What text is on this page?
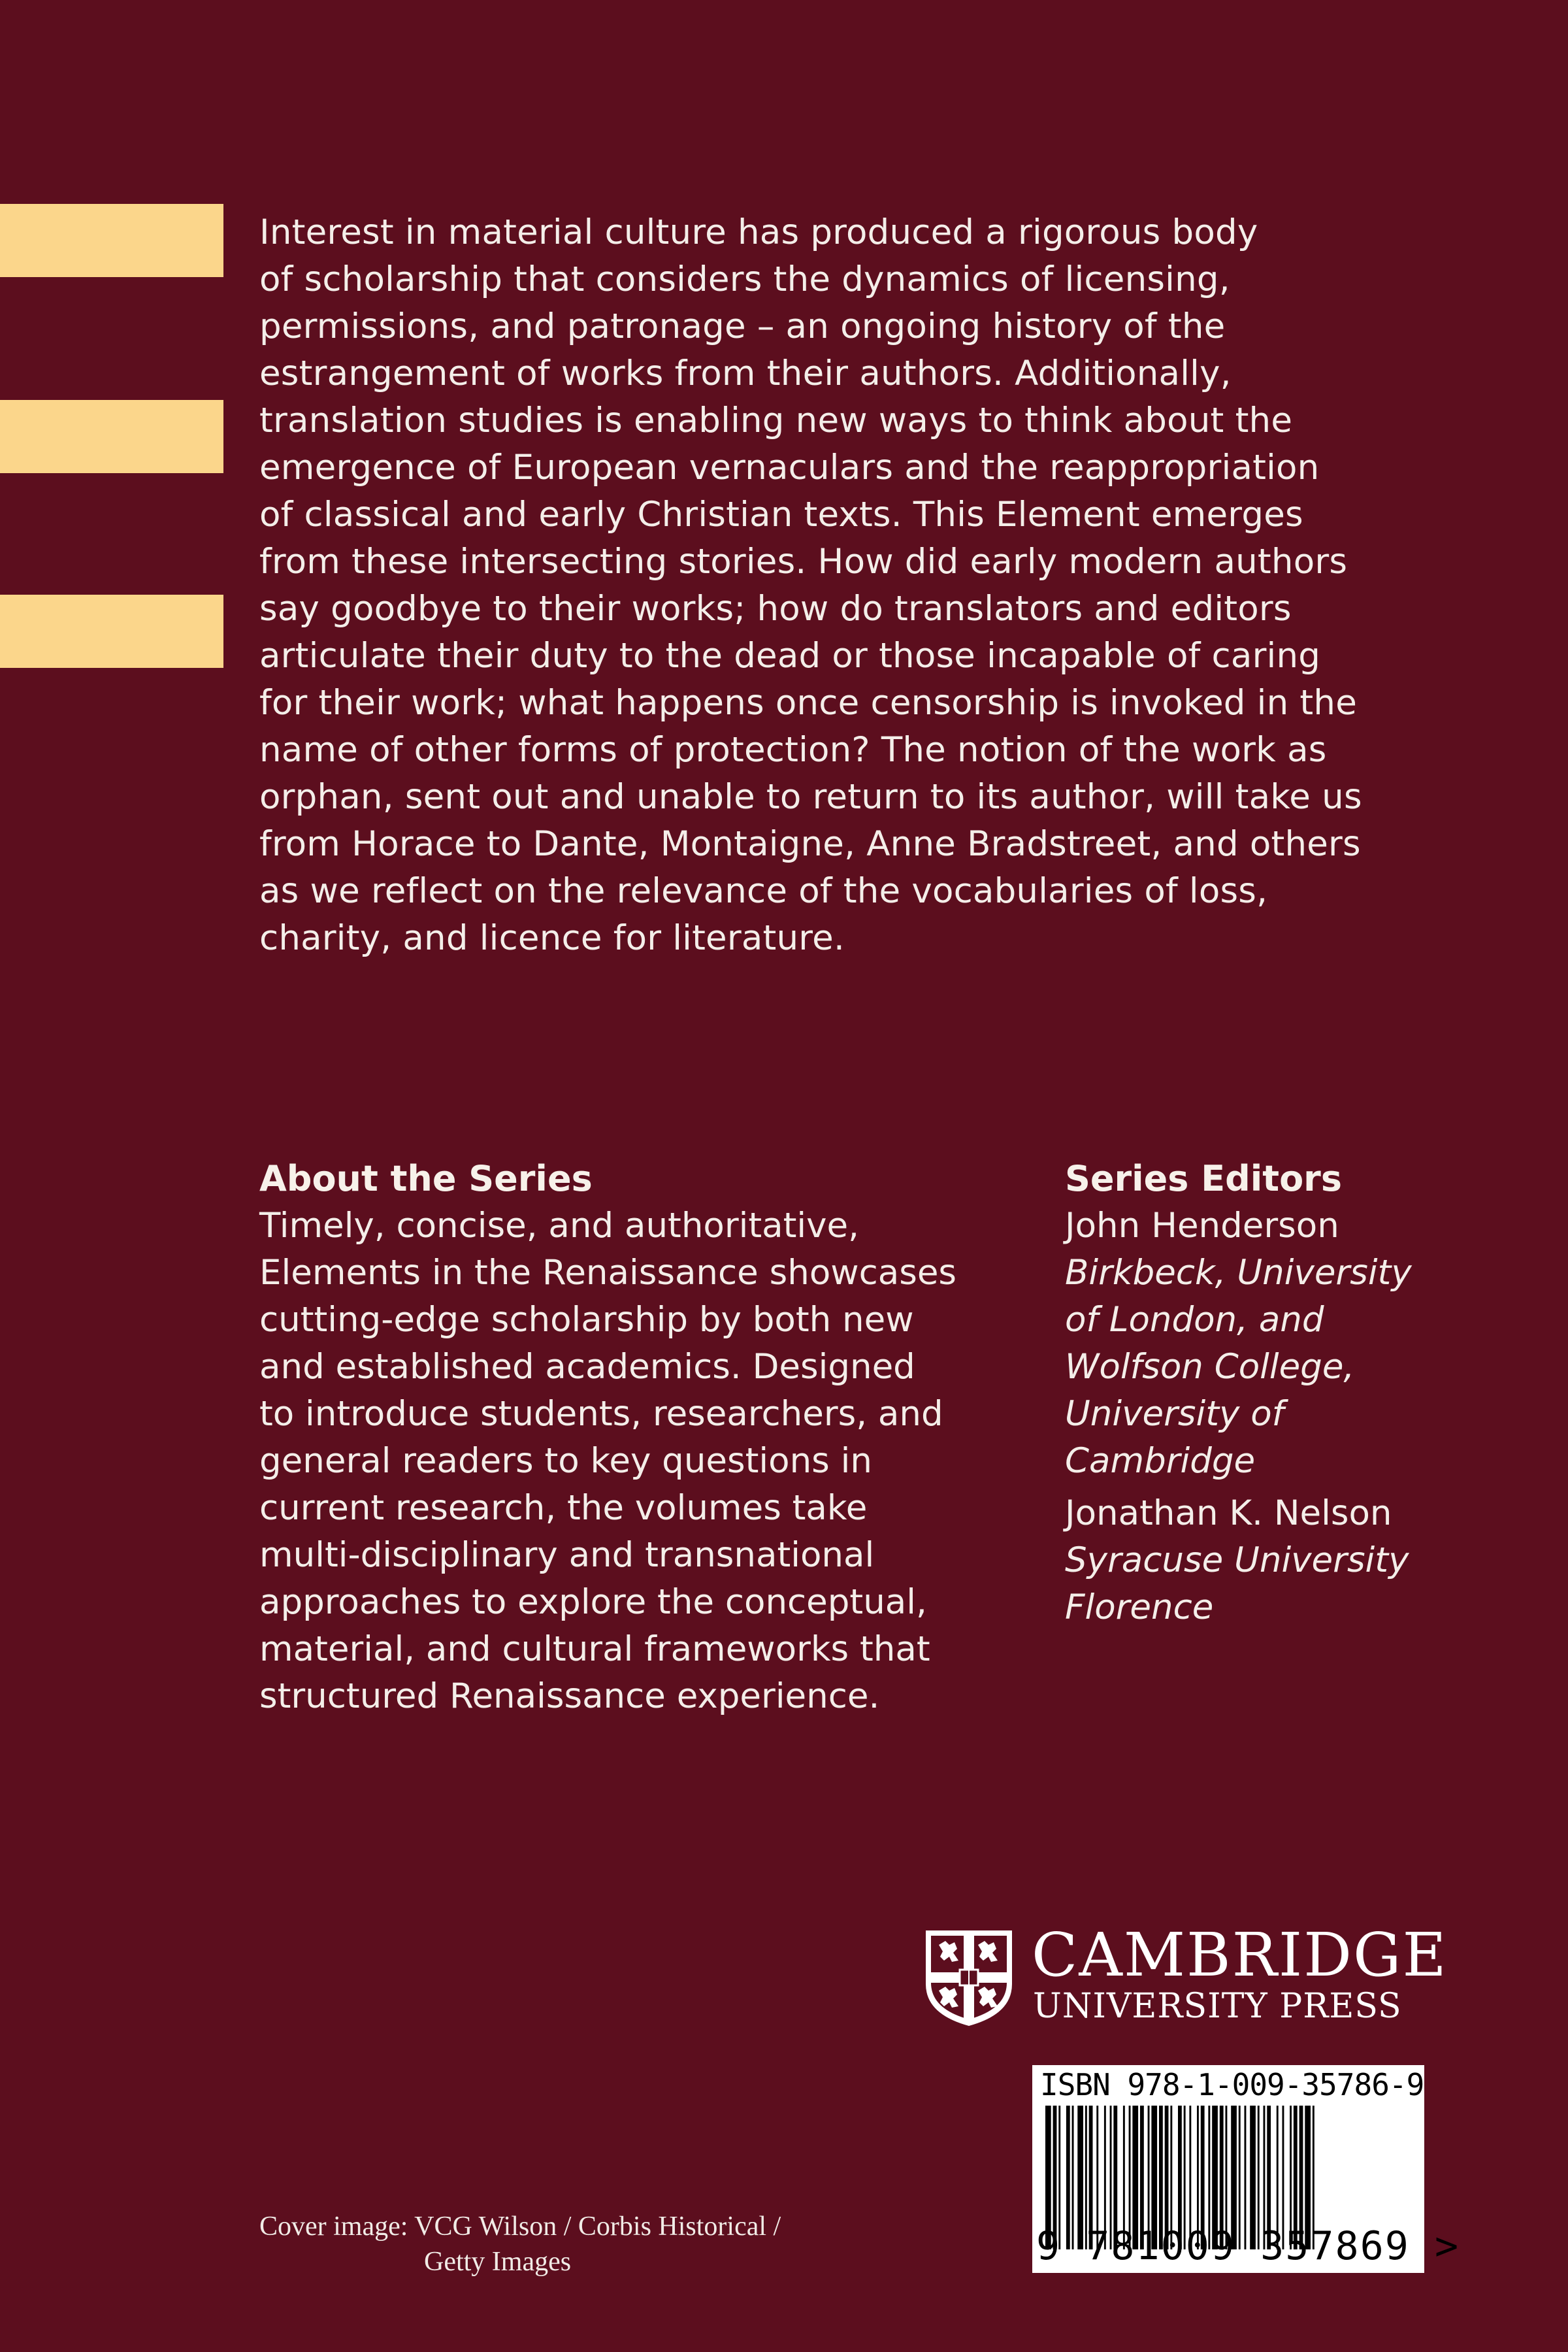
Interest in material culture has produced a rigorous body
of scholarship that considers the dynamics of licensing,
permissions, and patronage – an ongoing history of the
estrangement of works from their authors. Additionally,
translation studies is enabling new ways to think about the
emergence of European vernaculars and the reappropriation
of classical and early Christian texts. This Element emerges
from these intersecting stories. How did early modern authors
say goodbye to their works; how do translators and editors
articulate their duty to the dead or those incapable of caring
for their work; what happens once censorship is invoked in the
name of other forms of protection? The notion of the work as
orphan, sent out and unable to return to its author, will take us
from Horace to Dante, Montaigne, Anne Bradstreet, and others
as we reflect on the relevance of the vocabularies of loss,
charity, and licence for literature.

About the Series

Timely, concise, and authoritative,
Elements in the Renaissance showcases
cutting-edge scholarship by both new
and established academics. Designed
to introduce students, researchers, and
general readers to key questions in
current research, the volumes take
multi-disciplinary and transnational
approaches to explore the conceptual,
material, and cultural frameworks that
structured Renaissance experience.

Series Editors

John Henderson
Birkbeck, University
of London, and
Wolfson College,
University of
Cambridge
Jonathan K. Nelson
Syracuse University
Florence
CAMBRIDGE
UNIVERSITY PRESS
ISBN 978-1-009-35786-9
9 781009 357869 >
Cover image: VCG Wilson / Corbis Historical /
Getty Images
